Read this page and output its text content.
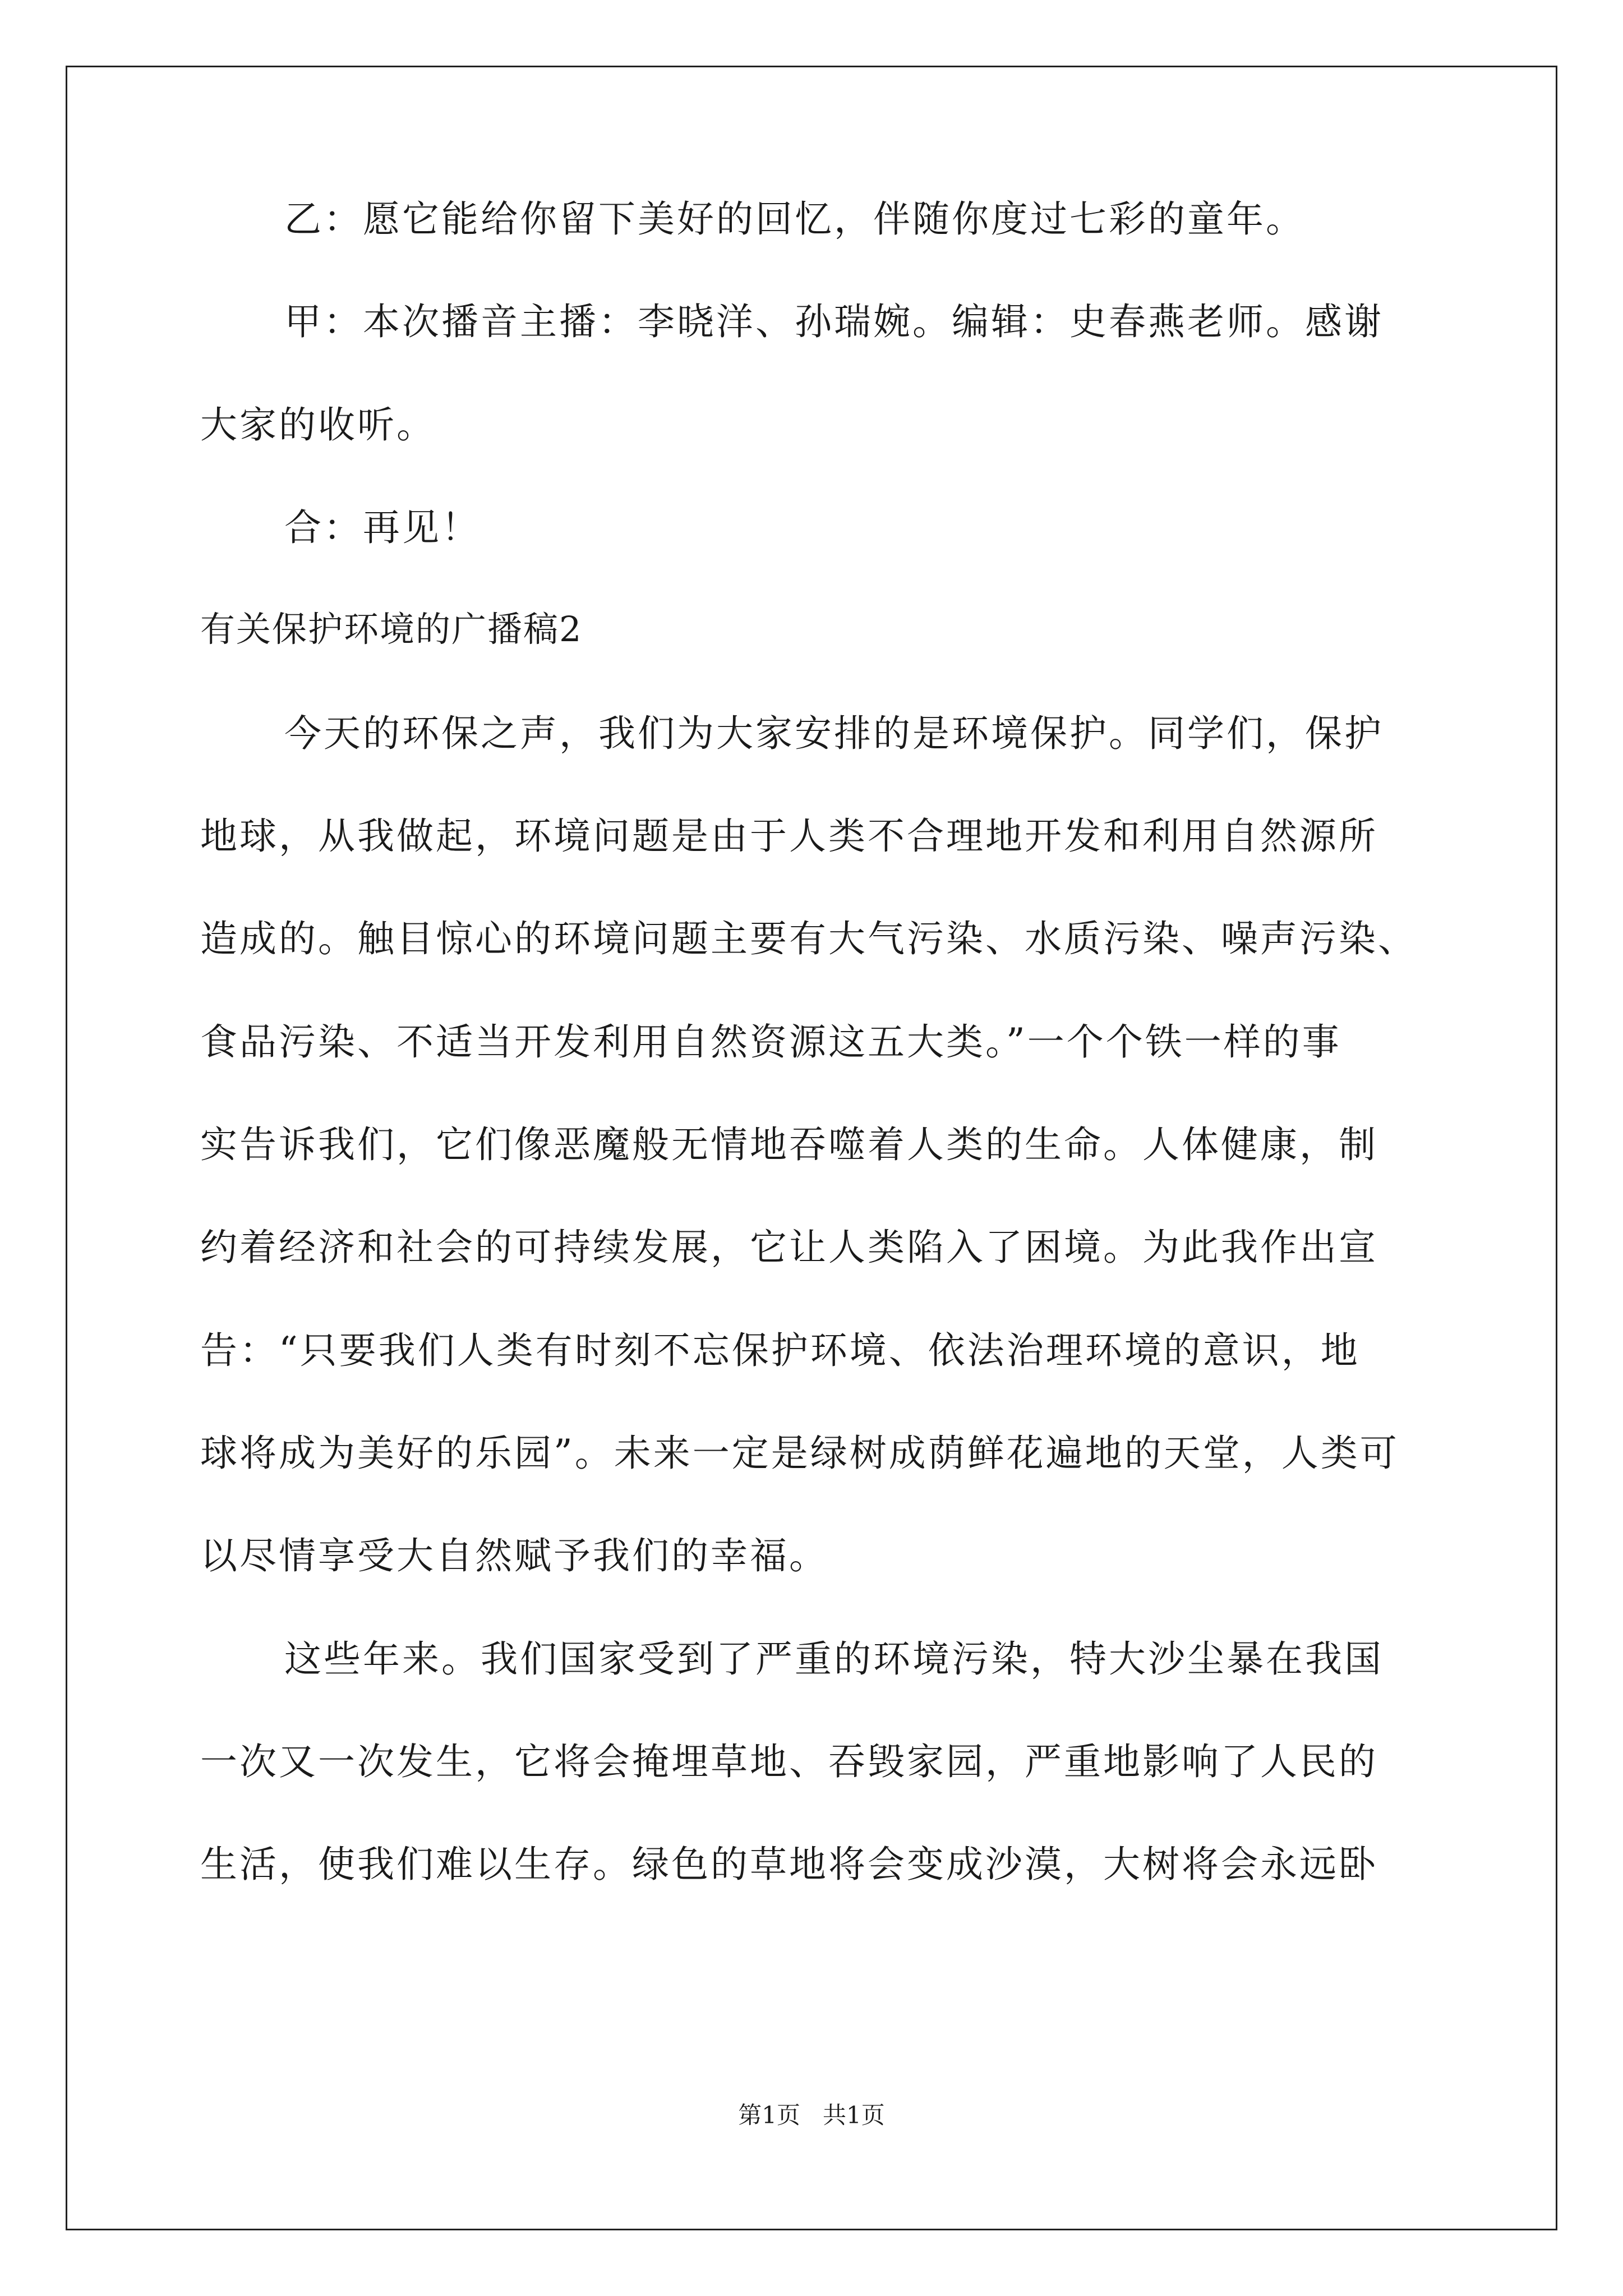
乙：愿它能给你留下美好的回忆，伴随你度过七彩的童年。
甲：本次播音主播：李晓洋、孙瑞婉。编辑：史春燕老师。感谢
大家的收听。
合：再见！
有关保护环境的广播稿2
今天的环保之声，我们为大家安排的是环境保护。同学们，保护
地球，从我做起，环境问题是由于人类不合理地开发和利用自然源所
造成的。触目惊心的环境问题主要有大气污染、水质污染、噪声污染、
食品污染、不适当开发利用自然资源这五大类。”一个个铁一样的事
实告诉我们，它们像恶魔般无情地吞噬着人类的生命。人体健康，制
约着经济和社会的可持续发展，它让人类陷入了困境。为此我作出宣
告：“只要我们人类有时刻不忘保护环境、依法治理环境的意识，地
球将成为美好的乐园”。未来一定是绿树成荫鲜花遍地的天堂，人类可
以尽情享受大自然赋予我们的幸福。
这些年来。我们国家受到了严重的环境污染，特大沙尘暴在我国
一次又一次发生，它将会掩埋草地、吞毁家园，严重地影响了人民的
生活，使我们难以生存。绿色的草地将会变成沙漠，大树将会永远卧
第1页   共1页
